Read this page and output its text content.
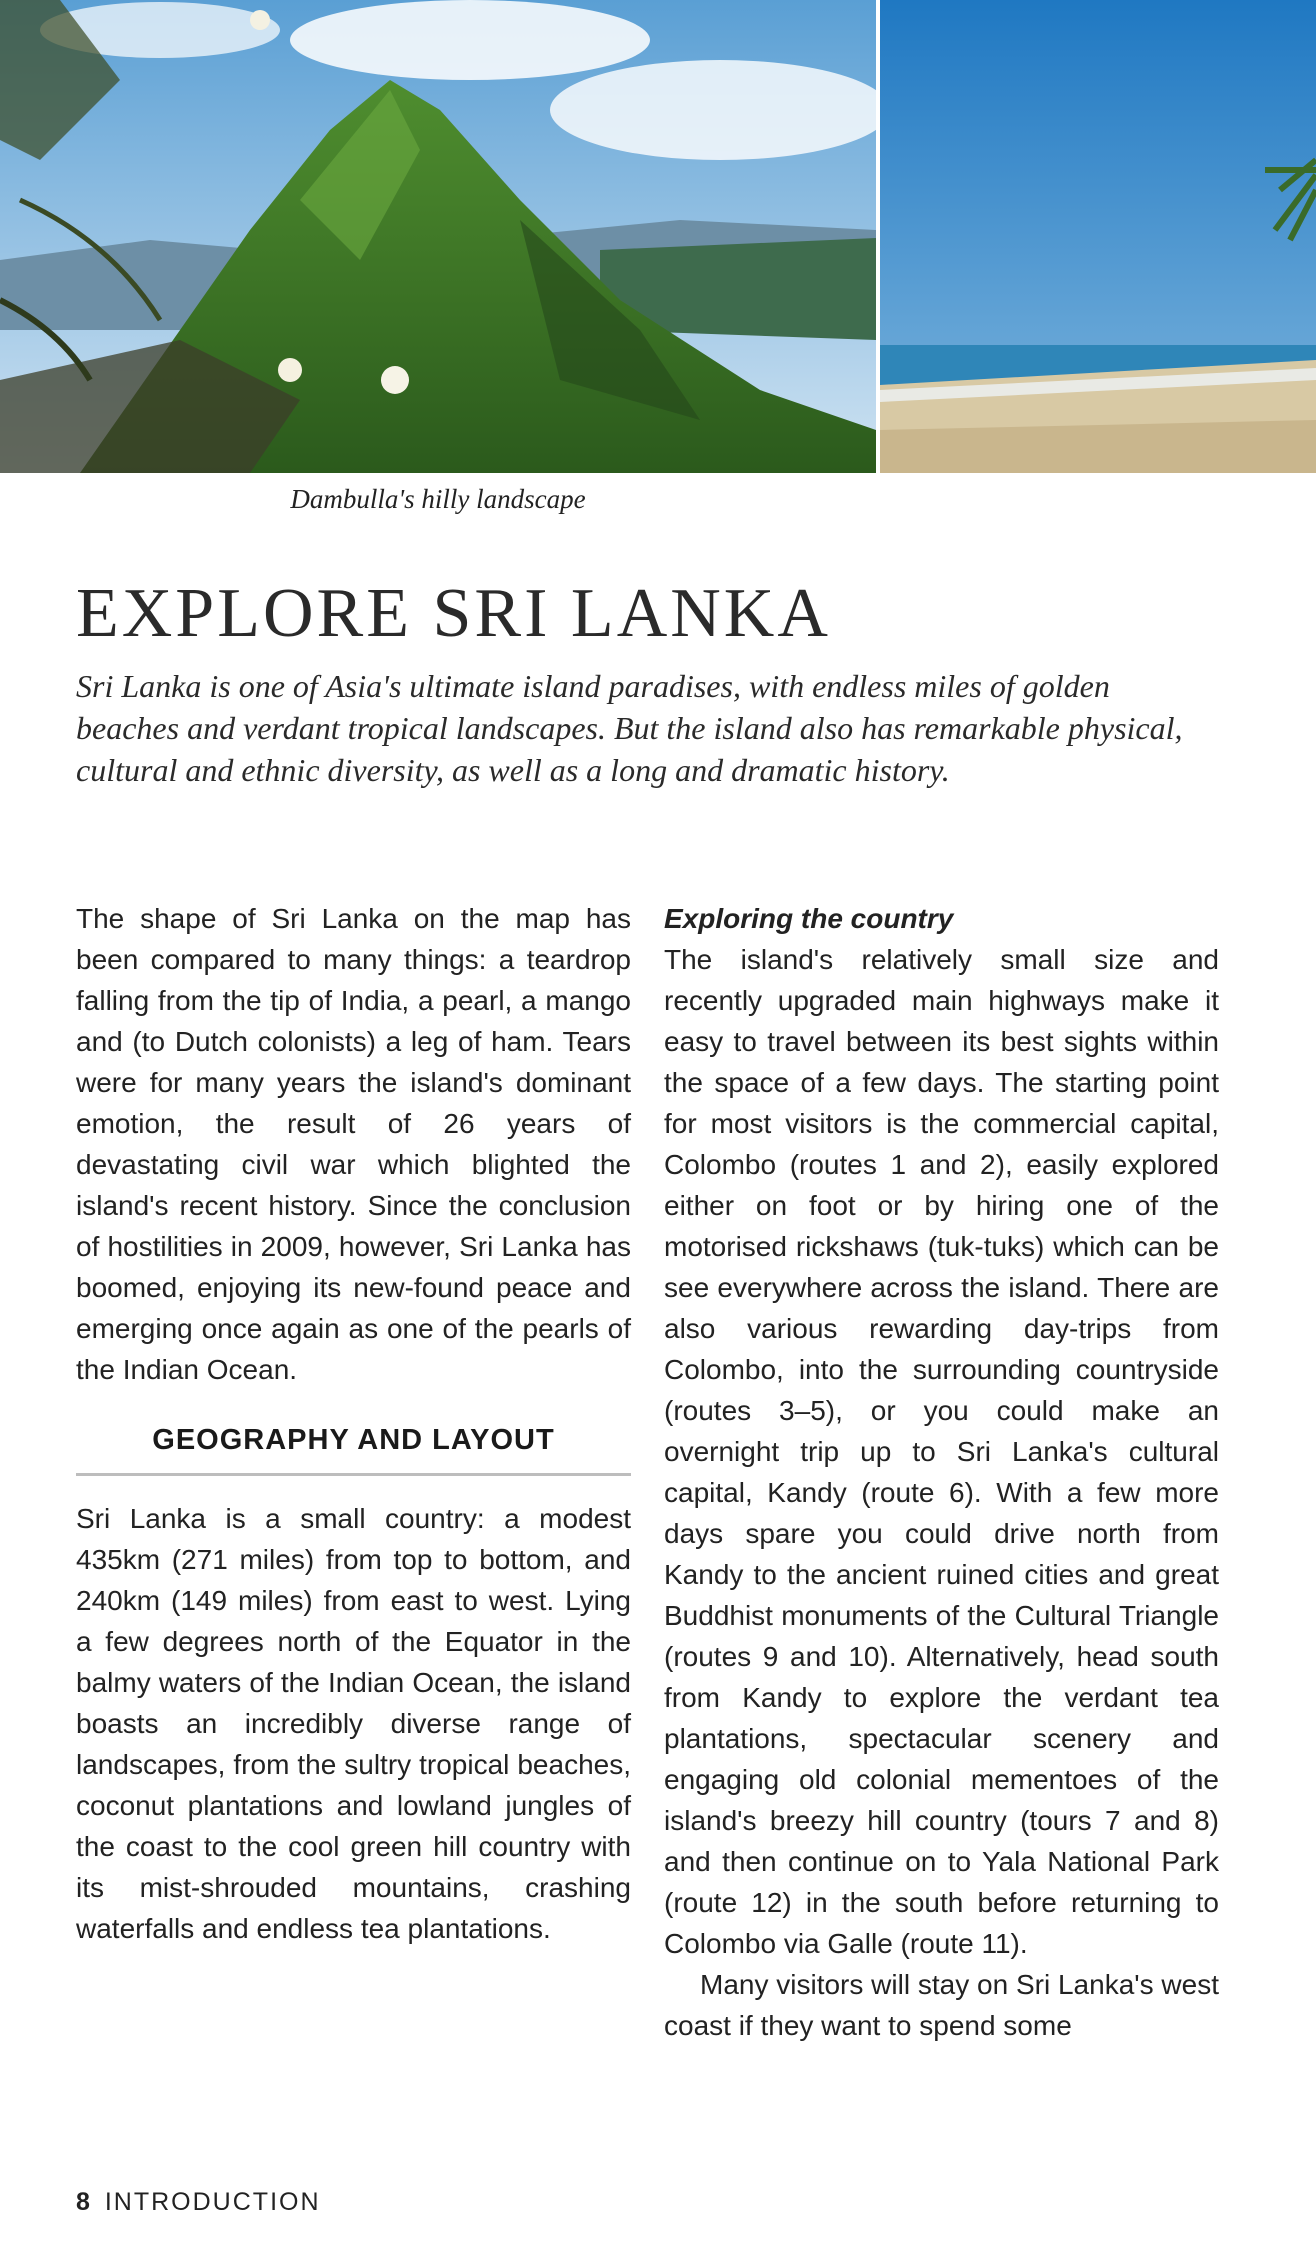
Dambulla's hilly landscape
EXPLORE SRI LANKA

Sri Lanka is one of Asia's ultimate island paradises, with endless miles of golden beaches and verdant tropical landscapes. But the island also has remarkable physical, cultural and ethnic diversity, as well as a long and dramatic history.

The shape of Sri Lanka on the map has been compared to many things: a teardrop falling from the tip of India, a pearl, a mango and (to Dutch colonists) a leg of ham. Tears were for many years the island's dominant emotion, the result of 26 years of devastating civil war which blighted the island's recent history. Since the conclusion of hostilities in 2009, however, Sri Lanka has boomed, enjoying its new-found peace and emerging once again as one of the pearls of the Indian Ocean.

GEOGRAPHY AND LAYOUT

Sri Lanka is a small country: a modest 435km (271 miles) from top to bottom, and 240km (149 miles) from east to west. Lying a few degrees north of the Equator in the balmy waters of the Indian Ocean, the island boasts an incredibly diverse range of landscapes, from the sultry tropical beaches, coconut plantations and lowland jungles of the coast to the cool green hill country with its mist-shrouded mountains, crashing waterfalls and endless tea plantations.

Exploring the country

The island's relatively small size and recently upgraded main highways make it easy to travel between its best sights within the space of a few days. The starting point for most visitors is the commercial capital, Colombo (routes 1 and 2), easily explored either on foot or by hiring one of the motorised rickshaws (tuk-tuks) which can be see everywhere across the island. There are also various rewarding day-trips from Colombo, into the surrounding countryside (routes 3–5), or you could make an overnight trip up to Sri Lanka's cultural capital, Kandy (route 6). With a few more days spare you could drive north from Kandy to the ancient ruined cities and great Buddhist monuments of the Cultural Triangle (routes 9 and 10). Alternatively, head south from Kandy to explore the verdant tea plantations, spectacular scenery and engaging old colonial mementoes of the island's breezy hill country (tours 7 and 8) and then continue on to Yala National Park (route 12) in the south before returning to Colombo via Galle (route 11).

Many visitors will stay on Sri Lanka's west coast if they want to spend some

8 INTRODUCTION
